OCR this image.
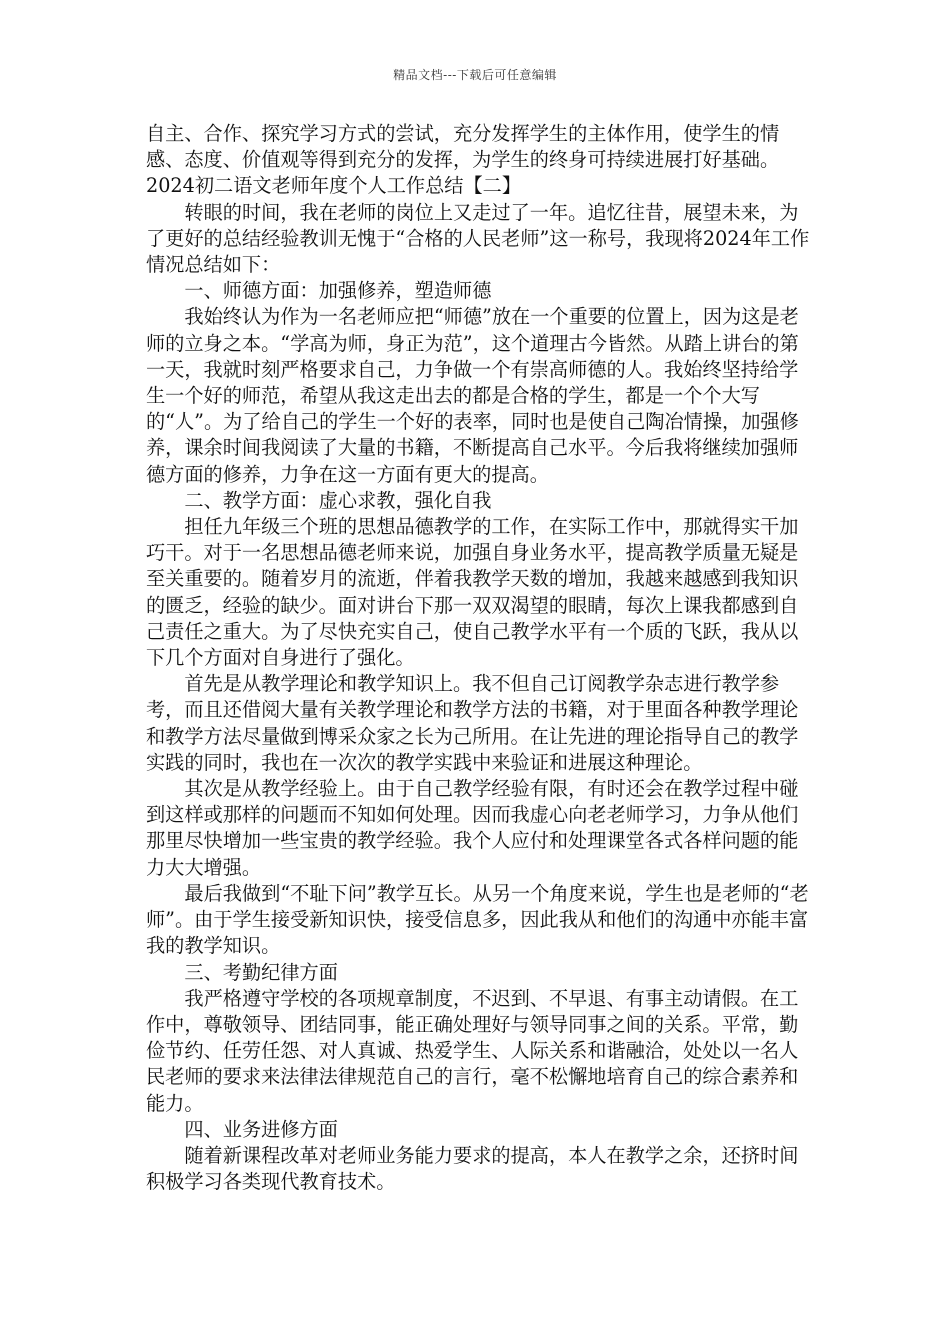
精品文档---下载后可任意编辑

自主、合作、探究学习方式的尝试，充分发挥学生的主体作用，使学生的情感、态度、价值观等得到充分的发挥，为学生的终身可持续进展打好基础。　　2024初二语文老师年度个人工作总结【二】

转眼的时间，我在老师的岗位上又走过了一年。追忆往昔，展望未来，为了更好的总结经验教训无愧于“合格的人民老师”这一称号，我现将2024年工作情况总结如下：

一、师德方面：加强修养，塑造师德

我始终认为作为一名老师应把“师德”放在一个重要的位置上，因为这是老师的立身之本。“学高为师，身正为范”，这个道理古今皆然。从踏上讲台的第一天，我就时刻严格要求自己，力争做一个有崇高师德的人。我始终坚持给学生一个好的师范，希望从我这走出去的都是合格的学生，都是一个个大写的“人”。为了给自己的学生一个好的表率，同时也是使自己陶冶情操，加强修养，课余时间我阅读了大量的书籍，不断提高自己水平。今后我将继续加强师德方面的修养，力争在这一方面有更大的提高。

二、教学方面：虚心求教，强化自我

担任九年级三个班的思想品德教学的工作，在实际工作中，那就得实干加巧干。对于一名思想品德老师来说，加强自身业务水平，提高教学质量无疑是至关重要的。随着岁月的流逝，伴着我教学天数的增加，我越来越感到我知识的匮乏，经验的缺少。面对讲台下那一双双渴望的眼睛，每次上课我都感到自己责任之重大。为了尽快充实自己，使自己教学水平有一个质的飞跃，我从以下几个方面对自身进行了强化。

首先是从教学理论和教学知识上。我不但自己订阅教学杂志进行教学参考，而且还借阅大量有关教学理论和教学方法的书籍，对于里面各种教学理论和教学方法尽量做到博采众家之长为己所用。在让先进的理论指导自己的教学实践的同时，我也在一次次的教学实践中来验证和进展这种理论。

其次是从教学经验上。由于自己教学经验有限，有时还会在教学过程中碰到这样或那样的问题而不知如何处理。因而我虚心向老老师学习，力争从他们那里尽快增加一些宝贵的教学经验。我个人应付和处理课堂各式各样问题的能力大大增强。

最后我做到“不耻下问”教学互长。从另一个角度来说，学生也是老师的“老师”。由于学生接受新知识快，接受信息多，因此我从和他们的沟通中亦能丰富我的教学知识。

三、考勤纪律方面

我严格遵守学校的各项规章制度，不迟到、不早退、有事主动请假。在工作中，尊敬领导、团结同事，能正确处理好与领导同事之间的关系。平常，勤俭节约、任劳任怨、对人真诚、热爱学生、人际关系和谐融洽，处处以一名人民老师的要求来法律法律规范自己的言行，毫不松懈地培育自己的综合素养和能力。

四、业务进修方面

随着新课程改革对老师业务能力要求的提高，本人在教学之余，还挤时间积极学习各类现代教育技术。
